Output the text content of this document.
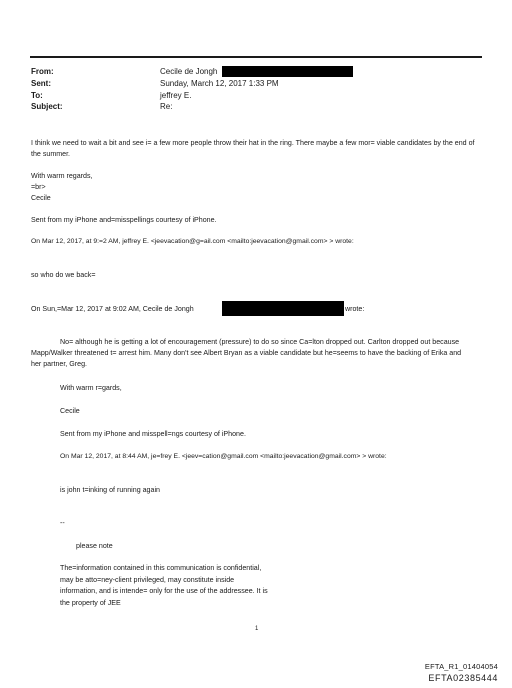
From:	Cecile de Jongh
Sent:	Sunday, March 12, 2017 1:33 PM
To:	jeffrey E.
Subject:	Re:
I think we need to wait a bit and see i= a few more people throw their hat in the ring. There maybe a few mor= viable candidates by the end of the summer.
With warm regards,
=br>
Cecile
Sent from my iPhone and=misspellings courtesy of iPhone.
On Mar 12, 2017, at 9:=2 AM, jeffrey E. <jeevacation@g=ail.com <mailto:jeevacation@gmail.com> > wrote:
so who do we back=
On Sun,=Mar 12, 2017 at 9:02 AM, Cecile de Jongh	wrote:
No= although he is getting a lot of encouragement (pressure) to do so since Ca=lton dropped out. Carlton dropped out because Mapp/Walker threatened t= arrest him. Many don't see Albert Bryan as a viable candidate but he=seems to have the backing of Erika and her partner, Greg.
With warm r=gards,
Cecile
Sent from my iPhone and misspell=ngs courtesy of iPhone.
On Mar 12, 2017, at 8:44 AM, je=frey E. <jeev=cation@gmail.com <mailto:jeevacation@gmail.com> > wrote:
is john t=inking of running again
--
please note
The=information contained in this communication is confidential, may be atto=ney-client privileged, may constitute inside information, and is intende= only for the use of the addressee. It is the property of JEE
1
EFTA_R1_01404054
EFTA02385444
